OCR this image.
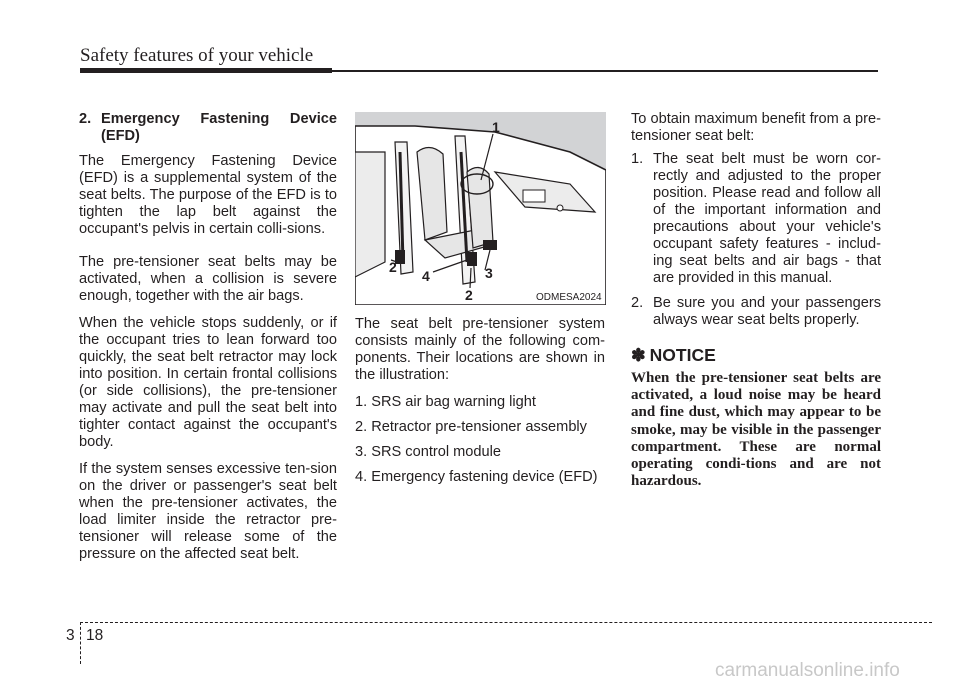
Safety features of your vehicle
2. Emergency Fastening Device (EFD)

The Emergency Fastening Device (EFD) is a supplemental system of the seat belts. The purpose of the EFD is to tighten the lap belt against the occupant's pelvis in certain colli-sions.

The pre-tensioner seat belts may be activated, when a collision is severe enough, together with the air bags.

When the vehicle stops suddenly, or if the occupant tries to lean forward too quickly, the seat belt retractor may lock into position. In certain frontal collisions (or side collisions), the pre-tensioner may activate and pull the seat belt into tighter contact against the occupant's body.

If the system senses excessive ten-sion on the driver or passenger's seat belt when the pre-tensioner activates, the load limiter inside the retractor pre-tensioner will release some of the pressure on the affected seat belt.

1
2
2
3
4
ODMESA2024

The seat belt pre-tensioner system consists mainly of the following com-ponents. Their locations are shown in the illustration:

1. SRS air bag warning light
2. Retractor pre-tensioner assembly
3. SRS control module
4. Emergency fastening device (EFD)

To obtain maximum benefit from a pre-tensioner seat belt:

1. The seat belt must be worn cor-rectly and adjusted to the proper position. Please read and follow all of the important information and precautions about your vehicle's occupant safety features - includ-ing seat belts and air bags - that are provided in this manual.
2. Be sure you and your passengers always wear seat belts properly.
✽ NOTICE
When the pre-tensioner seat belts are activated, a loud noise may be heard and fine dust, which may appear to be smoke, may be visible in the passenger compartment. These are normal operating condi-tions and are not hazardous.
3 18
carmanualsonline.info
